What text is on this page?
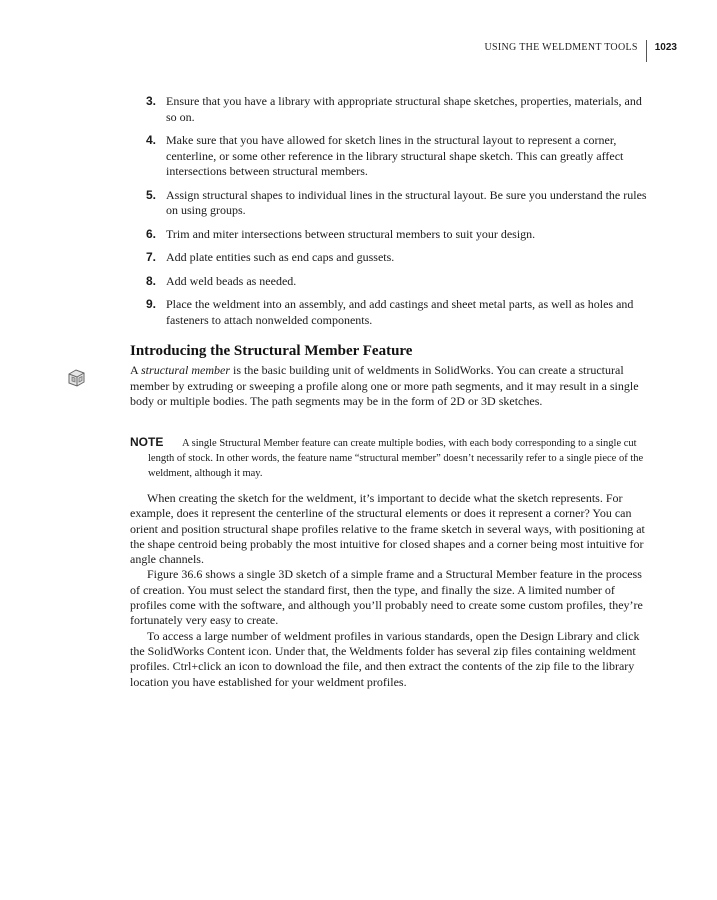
USING THE WELDMENT TOOLS	1023
3. Ensure that you have a library with appropriate structural shape sketches, properties, materials, and so on.
4. Make sure that you have allowed for sketch lines in the structural layout to represent a corner, centerline, or some other reference in the library structural shape sketch. This can greatly affect intersections between structural members.
5. Assign structural shapes to individual lines in the structural layout. Be sure you understand the rules on using groups.
6. Trim and miter intersections between structural members to suit your design.
7. Add plate entities such as end caps and gussets.
8. Add weld beads as needed.
9. Place the weldment into an assembly, and add castings and sheet metal parts, as well as holes and fasteners to attach nonwelded components.
Introducing the Structural Member Feature

A structural member is the basic building unit of weldments in SolidWorks. You can create a structural member by extruding or sweeping a profile along one or more path segments, and it may result in a single body or multiple bodies. The path segments may be in the form of 2D or 3D sketches.

NOTE	A single Structural Member feature can create multiple bodies, with each body corresponding to a single cut length of stock. In other words, the feature name “structural member” doesn’t necessarily refer to a single piece of the weldment, although it may.

When creating the sketch for the weldment, it’s important to decide what the sketch represents. For example, does it represent the centerline of the structural elements or does it represent a corner? You can orient and position structural shape profiles relative to the frame sketch in several ways, with positioning at the shape centroid being probably the most intuitive for closed shapes and a corner being most intuitive for angle channels.

Figure 36.6 shows a single 3D sketch of a simple frame and a Structural Member feature in the process of creation. You must select the standard first, then the type, and finally the size. A limited number of profiles come with the software, and although you’ll probably need to create some custom profiles, they’re fortunately very easy to create.

To access a large number of weldment profiles in various standards, open the Design Library and click the SolidWorks Content icon. Under that, the Weldments folder has several zip files containing weldment profiles. Ctrl+click an icon to download the file, and then extract the contents of the zip file to the library location you have established for your weldment profiles.
